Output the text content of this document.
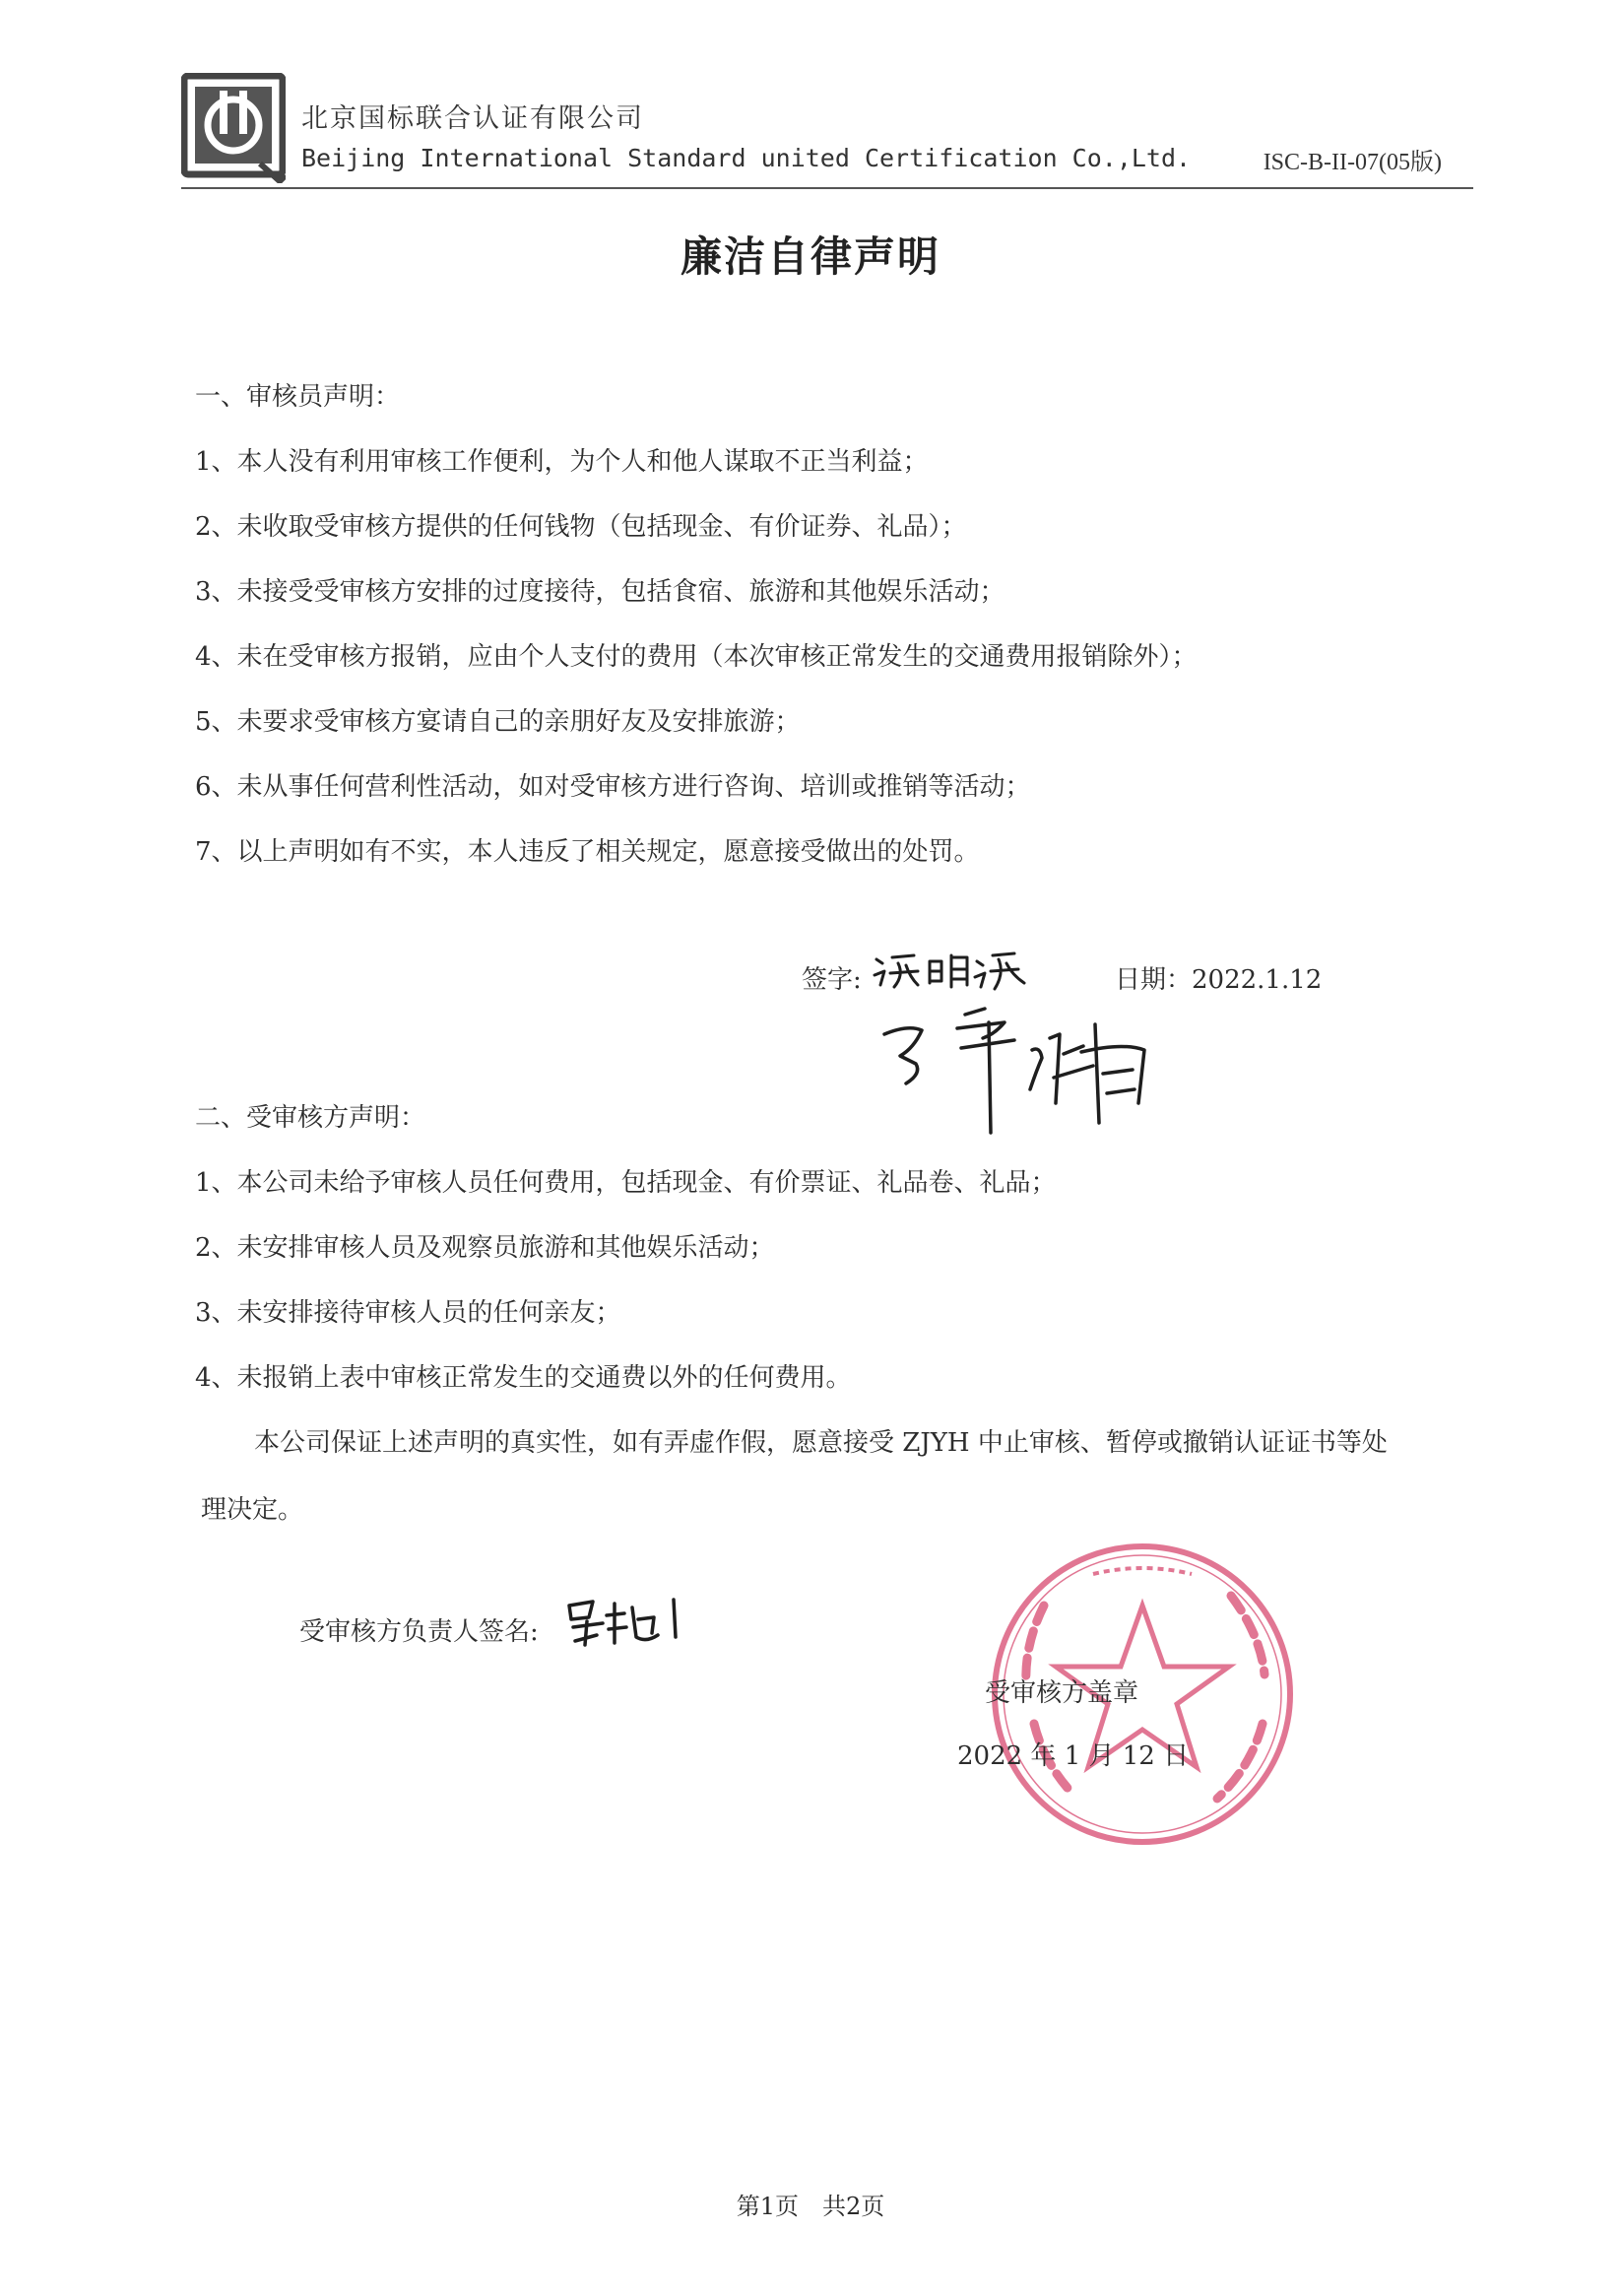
北京国标联合认证有限公司

Beijing International Standard united Certification Co.,Ltd.	ISC-B-II-07(05版)

廉洁自律声明

一、审核员声明：

1、本人没有利用审核工作便利，为个人和他人谋取不正当利益；

2、未收取受审核方提供的任何钱物（包括现金、有价证券、礼品）；

3、未接受受审核方安排的过度接待，包括食宿、旅游和其他娱乐活动；

4、未在受审核方报销，应由个人支付的费用（本次审核正常发生的交通费用报销除外）；

5、未要求受审核方宴请自己的亲朋好友及安排旅游；

6、未从事任何营利性活动，如对受审核方进行咨询、培训或推销等活动；

7、以上声明如有不实，本人违反了相关规定，愿意接受做出的处罚。

签字:	日期：2022.1.12

二、受审核方声明：

1、本公司未给予审核人员任何费用，包括现金、有价票证、礼品卷、礼品；

2、未安排审核人员及观察员旅游和其他娱乐活动；

3、未安排接待审核人员的任何亲友；

4、未报销上表中审核正常发生的交通费以外的任何费用。

本公司保证上述声明的真实性，如有弄虚作假，愿意接受 ZJYH 中止审核、暂停或撤销认证证书等处

理决定。

受审核方负责人签名:

受审核方盖章

2022 年 1 月 12 日

第1页　共2页
